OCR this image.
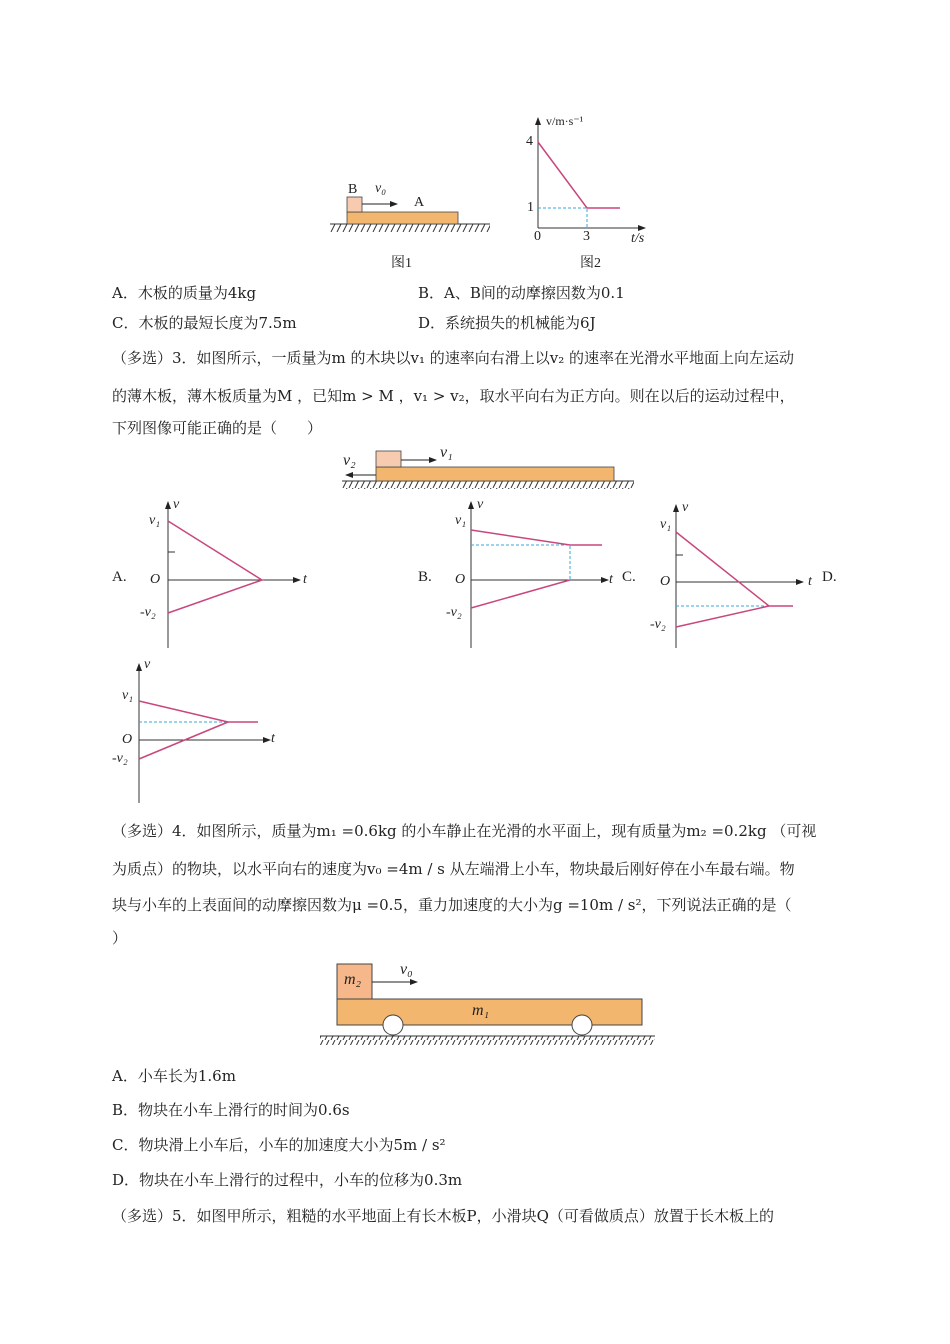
B v₀
A
图1
v/m·s⁻¹
4
1
0	3	t/s
图2
A．木板的质量为4kg	B．A、B间的动摩擦因数为0.1
C．木板的最短长度为7.5m	D．系统损失的机械能为6J
（多选）3．如图所示，一质量为m 的木块以v₁ 的速率向右滑上以v₂ 的速率在光滑水平地面上向左运动
的薄木板，薄木板质量为M ，已知m > M ，v₁ > v₂，取水平向右为正方向。则在以后的运动过程中，
下列图像可能正确的是（　　）
v₁
v₂
A.
v
v₁
O
-v₂
t	B.
v
v₁
O
-v₂
t C.
v
v₁
O
-v₂
t D.
v
v₁
O
-v₂
t
（多选）4．如图所示，质量为m₁ =0.6kg 的小车静止在光滑的水平面上，现有质量为m₂ =0.2kg （可视
为质点）的物块，以水平向右的速度为v₀ =4m / s 从左端滑上小车，物块最后刚好停在小车最右端。物
块与小车的上表面间的动摩擦因数为μ =0.5，重力加速度的大小为g =10m / s²，下列说法正确的是（
）
m₂
m₁
v₀
A．小车长为1.6m
B．物块在小车上滑行的时间为0.6s
C．物块滑上小车后，小车的加速度大小为5m / s²
D．物块在小车上滑行的过程中，小车的位移为0.3m
（多选）5．如图甲所示，粗糙的水平地面上有长木板P，小滑块Q（可看做质点）放置于长木板上的
